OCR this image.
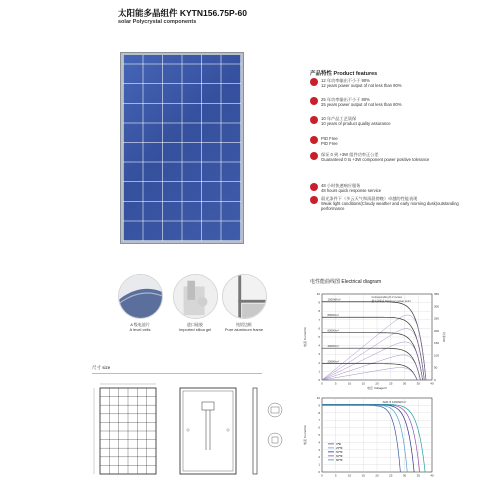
太阳能多晶组件 KYTN156.75P-60
solar Polycrystal components
产品特性 Product features
12 年功率输出不小于 90%
12 years power output of not less than 90%
25 年功率输出不小于 80%
25 years power output of not less than 80%
10 年产品工艺质保
10 years of product quality assurance
PID Free
PID Free
保证 0 到 +3W 组件功率正公差
Guaranteed 0 to +3W component power positive tolerance
48 小时快速响应服务
48 hours quick response service
弱光条件下（多云天气和清晨傍晚）卓越的性能表现
Weak light conditions(Cloudy weather and early morning dusk)outstanding performance
A 级电池片
A level cells
进口硅胶
Imported silica gel
纯铝边框
Pure aluminum frame
尺寸 size
电性能曲线图 Electrical diagram
0	5	10	15	20	25	30	35	40
0
1
2
3
4
5
6
7
8
9
10
0
50
100
150
200
250
300
350
功率/W
电流 Current/A
电压 Voltage/V
1000W/m²
800W/m²
600W/m²
400W/m²
200W/m²
Corresponding P-V curves
最大功率点 Maximum power point
0	5	10	15	20	25	30	35	40
0
1
2
3
4
5
6
7
8
9
10
电流 Current/A
AM1.5 1000W/m²
0℃
25℃
50℃
60℃
80℃
